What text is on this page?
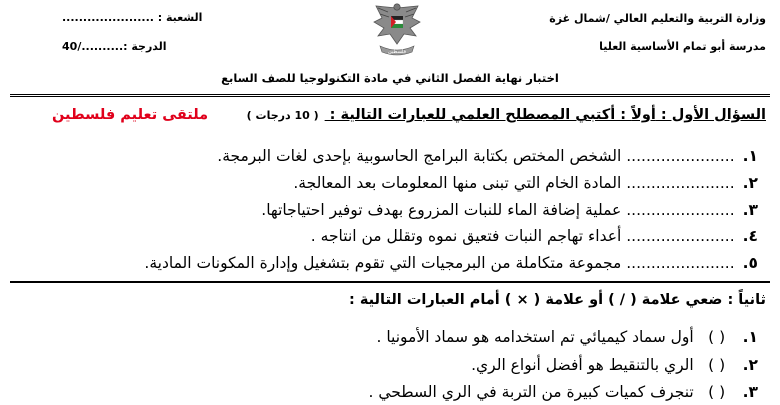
وزارة التربية والتعليم العالي /شمال غزة
مدرسة أبو تمام الأساسية العليا
الشعبة : ......................
الدرجة :........../40	فلسطين
اختبار نهاية الفصل الثاني في مادة التكنولوجيا للصف السابع
السؤال الأول : أولاً : أكتبي المصطلح العلمي للعبارات التالية : ( 10 درجات )
ملتقى تعليم فلسطين
١....................... الشخص المختص بكتابة البرامج الحاسوبية بإحدى لغات البرمجة.
٢....................... المادة الخام التي تبنى منها المعلومات بعد المعالجة.
٣....................... عملية إضافة الماء للنبات المزروع بهدف توفير احتياجاتها.
٤....................... أعداء تهاجم النبات فتعيق نموه وتقلل من انتاجه .
٥....................... مجموعة متكاملة من البرمجيات التي تقوم بتشغيل وإدارة المكونات المادية.
ثانياً : ضعي علامة ( / ) أو علامة ( × ) أمام العبارات التالية :
١.( ) أول سماد كيميائي تم استخدامه هو سماد الأمونيا .
٢.( ) الري بالتنقيط هو أفضل أنواع الري.
٣.( ) تنجرف كميات كبيرة من التربة في الري السطحي .
